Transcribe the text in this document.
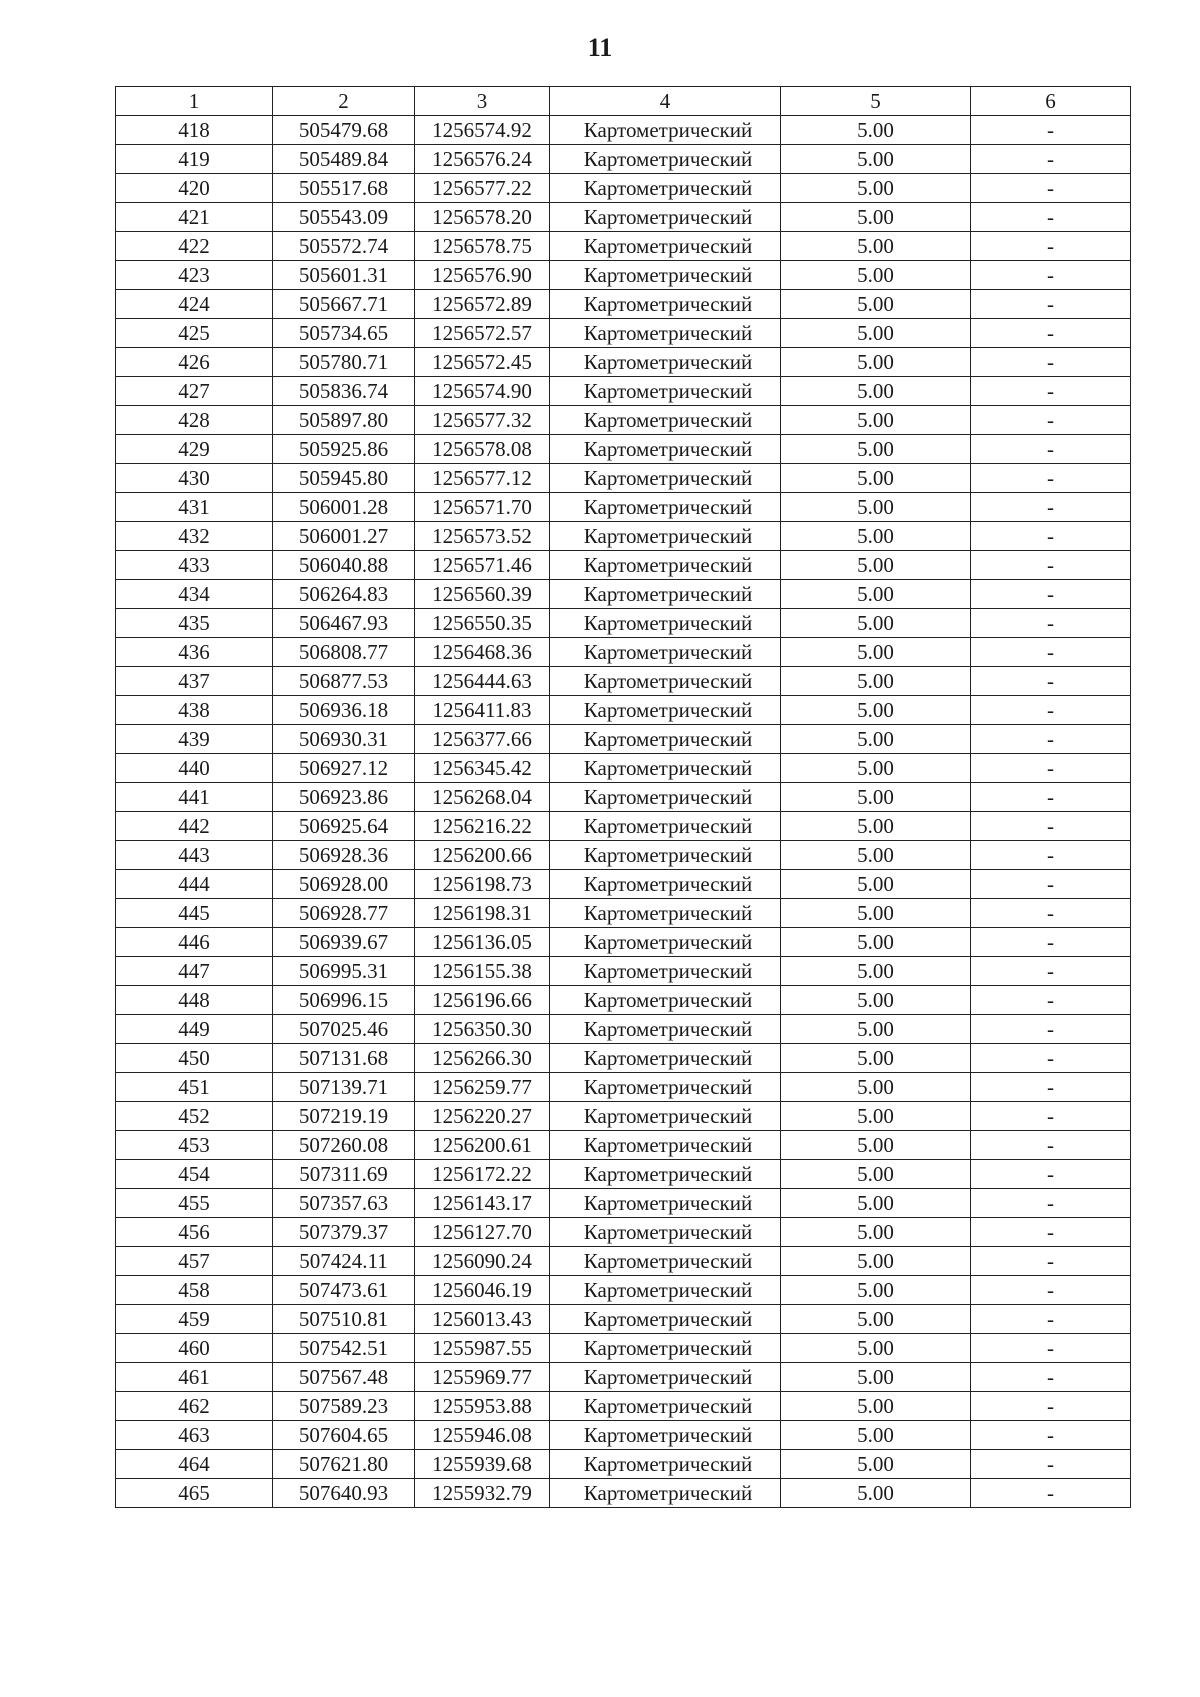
11
1	2	3	4	5	6
418	505479.68	1256574.92	Картометрический	5.00	-
419	505489.84	1256576.24	Картометрический	5.00	-
420	505517.68	1256577.22	Картометрический	5.00	-
421	505543.09	1256578.20	Картометрический	5.00	-
422	505572.74	1256578.75	Картометрический	5.00	-
423	505601.31	1256576.90	Картометрический	5.00	-
424	505667.71	1256572.89	Картометрический	5.00	-
425	505734.65	1256572.57	Картометрический	5.00	-
426	505780.71	1256572.45	Картометрический	5.00	-
427	505836.74	1256574.90	Картометрический	5.00	-
428	505897.80	1256577.32	Картометрический	5.00	-
429	505925.86	1256578.08	Картометрический	5.00	-
430	505945.80	1256577.12	Картометрический	5.00	-
431	506001.28	1256571.70	Картометрический	5.00	-
432	506001.27	1256573.52	Картометрический	5.00	-
433	506040.88	1256571.46	Картометрический	5.00	-
434	506264.83	1256560.39	Картометрический	5.00	-
435	506467.93	1256550.35	Картометрический	5.00	-
436	506808.77	1256468.36	Картометрический	5.00	-
437	506877.53	1256444.63	Картометрический	5.00	-
438	506936.18	1256411.83	Картометрический	5.00	-
439	506930.31	1256377.66	Картометрический	5.00	-
440	506927.12	1256345.42	Картометрический	5.00	-
441	506923.86	1256268.04	Картометрический	5.00	-
442	506925.64	1256216.22	Картометрический	5.00	-
443	506928.36	1256200.66	Картометрический	5.00	-
444	506928.00	1256198.73	Картометрический	5.00	-
445	506928.77	1256198.31	Картометрический	5.00	-
446	506939.67	1256136.05	Картометрический	5.00	-
447	506995.31	1256155.38	Картометрический	5.00	-
448	506996.15	1256196.66	Картометрический	5.00	-
449	507025.46	1256350.30	Картометрический	5.00	-
450	507131.68	1256266.30	Картометрический	5.00	-
451	507139.71	1256259.77	Картометрический	5.00	-
452	507219.19	1256220.27	Картометрический	5.00	-
453	507260.08	1256200.61	Картометрический	5.00	-
454	507311.69	1256172.22	Картометрический	5.00	-
455	507357.63	1256143.17	Картометрический	5.00	-
456	507379.37	1256127.70	Картометрический	5.00	-
457	507424.11	1256090.24	Картометрический	5.00	-
458	507473.61	1256046.19	Картометрический	5.00	-
459	507510.81	1256013.43	Картометрический	5.00	-
460	507542.51	1255987.55	Картометрический	5.00	-
461	507567.48	1255969.77	Картометрический	5.00	-
462	507589.23	1255953.88	Картометрический	5.00	-
463	507604.65	1255946.08	Картометрический	5.00	-
464	507621.80	1255939.68	Картометрический	5.00	-
465	507640.93	1255932.79	Картометрический	5.00	-
